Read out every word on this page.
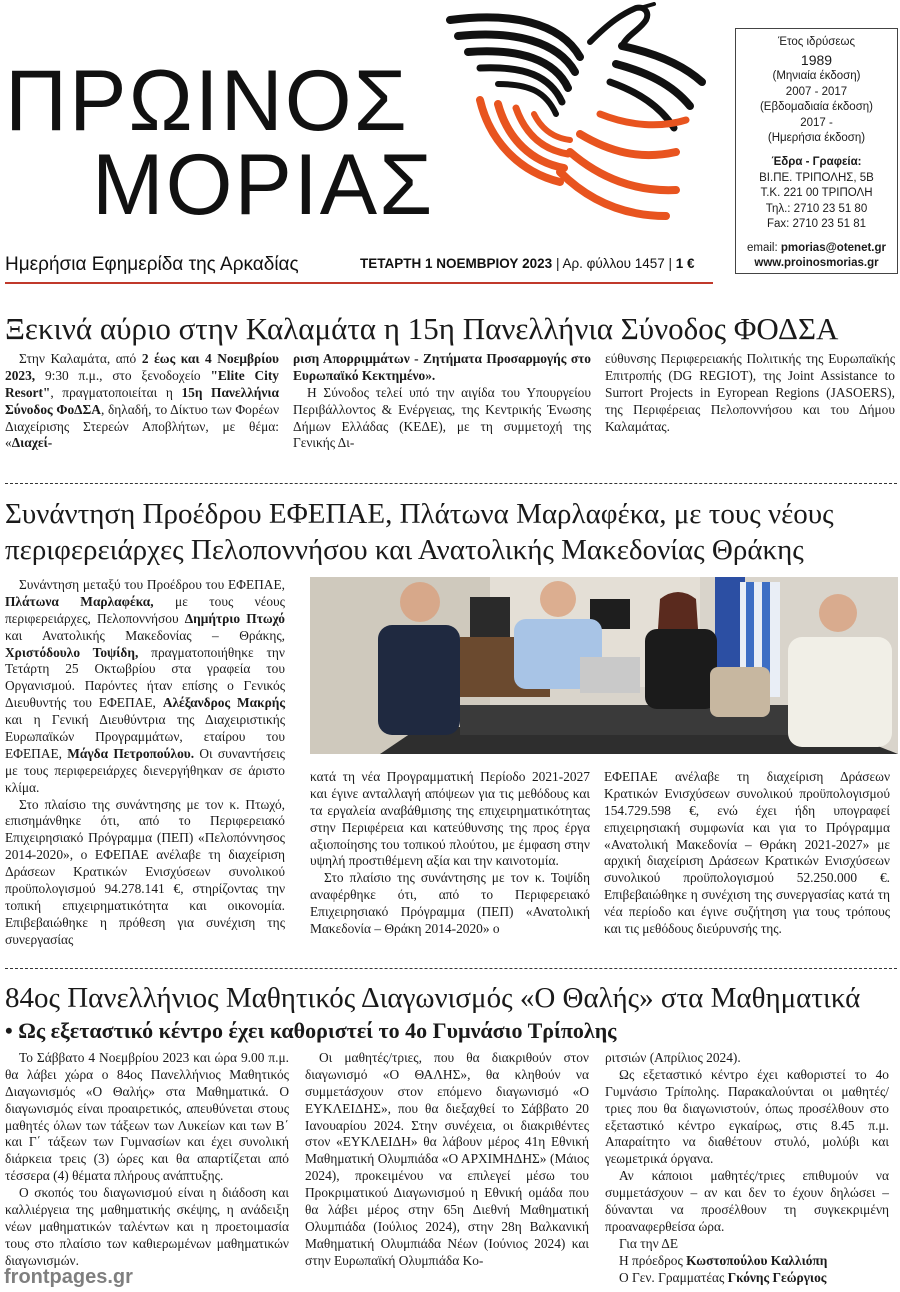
ΠΡΩΙΝΟΣ
ΜΟΡΙΑΣ
Ημερήσια Εφημερίδα της Αρκαδίας	ΤΕΤΑΡΤΗ 1 ΝΟΕΜΒΡΙΟΥ 2023 | Αρ. φύλλου 1457 | 1 €
Έτος ιδρύσεως
1989
(Μηνιαία έκδοση)
2007 - 2017
(Εβδομαδιαία έκδοση)
2017 -
(Ημερήσια έκδοση)
Έδρα - Γραφεία:
ΒΙ.ΠΕ. ΤΡΙΠΟΛΗΣ, 5Β
Τ.Κ. 221 00 ΤΡΙΠΟΛΗ
Τηλ.: 2710 23 51 80
Fax: 2710 23 51 81
email: pmorias@otenet.gr
www.proinosmorias.gr
Ξεκινά αύριο στην Καλαμάτα η 15η Πανελλήνια Σύνοδος ΦΟΔΣΑ

Στην Καλαμάτα, από 2 έως και 4 Νοεμβρίου 2023, 9:30 π.μ., στο ξενοδοχείο "Elite City Resort", πραγματοποιείται η 15η Πανελλήνια Σύνοδος ΦοΔΣΑ, δηλαδή, το Δίκτυο των Φορέων Διαχείρισης Στερεών Αποβλήτων, με θέμα: «Διαχεί-

ριση Απορριμμάτων - Ζητήματα Προσαρμογής στο Ευρωπαϊκό Κεκτημένο».

Η Σύνοδος τελεί υπό την αιγίδα του Υπουργείου Περιβάλλοντος & Ενέργειας, της Κεντρικής Ένωσης Δήμων Ελλάδας (ΚΕΔΕ), με τη συμμετοχή της Γενικής Δι-

εύθυνσης Περιφερειακής Πολιτικής της Ευρωπαϊκής Επιτροπής (DG REGIOT), της Joint Assistance to Surrort Projects in Eyropean Regions (JASOERS), της Περιφέρειας Πελοποννήσου και του Δήμου Καλαμάτας.

Συνάντηση Προέδρου ΕΦΕΠΑΕ, Πλάτωνα Μαρλαφέκα, με τους νέους
περιφερειάρχες Πελοποννήσου και Ανατολικής Μακεδονίας Θράκης

Συνάντηση μεταξύ του Προέδρου του ΕΦΕΠΑΕ, Πλάτωνα Μαρλαφέκα, με τους νέους περιφερειάρχες, Πελοποννήσου Δημήτριο Πτωχό και Ανατολικής Μακεδονίας – Θράκης, Χριστόδουλο Τοψίδη, πραγματοποιήθηκε την Τετάρτη 25 Οκτωβρίου στα γραφεία του Οργανισμού. Παρόντες ήταν επίσης ο Γενικός Διευθυντής του ΕΦΕΠΑΕ, Αλέξανδρος Μακρής και η Γενική Διευθύντρια της Διαχειριστικής Ευρωπαϊκών Προγραμμάτων, εταίρου του ΕΦΕΠΑΕ, Μάγδα Πετροπούλου. Οι συναντήσεις με τους περιφερειάρχες διενεργήθηκαν σε άριστο κλίμα.

Στο πλαίσιο της συνάντησης με τον κ. Πτωχό, επισημάνθηκε ότι, από το Περιφερειακό Επιχειρησιακό Πρόγραμμα (ΠΕΠ) «Πελοπόννησος 2014-2020», ο ΕΦΕΠΑΕ ανέλαβε τη διαχείριση Δράσεων Κρατικών Ενισχύσεων συνολικού προϋπολογισμού 94.278.141 €, στηρίζοντας την τοπική επιχειρηματικότητα και οικονομία. Επιβεβαιώθηκε η πρόθεση για συνέχιση της συνεργασίας

κατά τη νέα Προγραμματική Περίοδο 2021-2027 και έγινε ανταλλαγή απόψεων για τις μεθόδους και τα εργαλεία αναβάθμισης της επιχειρηματικότητας στην Περιφέρεια και κατεύθυνσης της προς έργα αξιοποίησης του τοπικού πλούτου, με έμφαση στην υψηλή προστιθέμενη αξία και την καινοτομία.

Στο πλαίσιο της συνάντησης με τον κ. Τοψίδη αναφέρθηκε ότι, από το Περιφερειακό Επιχειρησιακό Πρόγραμμα (ΠΕΠ) «Ανατολική Μακεδονία – Θράκη 2014-2020» ο

ΕΦΕΠΑΕ ανέλαβε τη διαχείριση Δράσεων Κρατικών Ενισχύσεων συνολικού προϋπολογισμού 154.729.598 €, ενώ έχει ήδη υπογραφεί επιχειρησιακή συμφωνία και για το Πρόγραμμα «Ανατολική Μακεδονία – Θράκη 2021-2027» με αρχική διαχείριση Δράσεων Κρατικών Ενισχύσεων συνολικού προϋπολογισμού 52.250.000 €. Επιβεβαιώθηκε η συνέχιση της συνεργασίας κατά τη νέα περίοδο και έγινε συζήτηση για τους τρόπους και τις μεθόδους διεύρυνσής της.

84ος Πανελλήνιος Μαθητικός Διαγωνισμός «Ο Θαλής» στα Μαθηματικά
• Ως εξεταστικό κέντρο έχει καθοριστεί το 4ο Γυμνάσιο Τρίπολης

Το Σάββατο 4 Νοεμβρίου 2023 και ώρα 9.00 π.μ. θα λάβει χώρα ο 84ος Πανελλήνιος Μαθητικός Διαγωνισμός «Ο Θαλής» στα Μαθηματικά. Ο διαγωνισμός είναι προαιρετικός, απευθύνεται στους μαθητές όλων των τάξεων των Λυκείων και των Β΄ και Γ΄ τάξεων των Γυμνασίων και έχει συνολική διάρκεια τρεις (3) ώρες και θα απαρτίζεται από τέσσερα (4) θέματα πλήρους ανάπτυξης.

Ο σκοπός του διαγωνισμού είναι η διάδοση και καλλιέργεια της μαθηματικής σκέψης, η ανάδειξη νέων μαθηματικών ταλέντων και η προετοιμασία τους στο πλαίσιο των καθιερωμένων μαθηματικών διαγωνισμών.

Οι μαθητές/τριες, που θα διακριθούν στον διαγωνισμό «Ο ΘΑΛΗΣ», θα κληθούν να συμμετάσχουν στον επόμενο διαγωνισμό «Ο ΕΥΚΛΕΙΔΗΣ», που θα διεξαχθεί το Σάββατο 20 Ιανουαρίου 2024. Στην συνέχεια, οι διακριθέντες στον «ΕΥΚΛΕΙΔΗ» θα λάβουν μέρος 41η Εθνική Μαθηματική Ολυμπιάδα «Ο ΑΡΧΙΜΗΔΗΣ» (Μάιος 2024), προκειμένου να επιλεγεί μέσω του Προκριματικού Διαγωνισμού η Εθνική ομάδα που θα λάβει μέρος στην 65η Διεθνή Μαθηματική Ολυμπιάδα (Ιούλιος 2024), στην 28η Βαλκανική Μαθηματική Ολυμπιάδα Νέων (Ιούνιος 2024) και στην Ευρωπαϊκή Ολυμπιάδα Κο-

ριτσιών (Απρίλιος 2024).

Ως εξεταστικό κέντρο έχει καθοριστεί το 4ο Γυμνάσιο Τρίπολης. Παρακαλούνται οι μαθητές/τριες που θα διαγωνιστούν, όπως προσέλθουν στο εξεταστικό κέντρο εγκαίρως, στις 8.45 π.μ. Απαραίτητο να διαθέτουν στυλό, μολύβι και γεωμετρικά όργανα.

Αν κάποιοι μαθητές/τριες επιθυμούν να συμμετάσχουν – αν και δεν το έχουν δηλώσει – δύνανται να προσέλθουν τη συγκεκριμένη προαναφερθείσα ώρα.

Για την ΔΕ

Η πρόεδρος Κωστοπούλου Καλλιόπη

Ο Γεν. Γραμματέας Γκόνης Γεώργιος

frontpages.gr
